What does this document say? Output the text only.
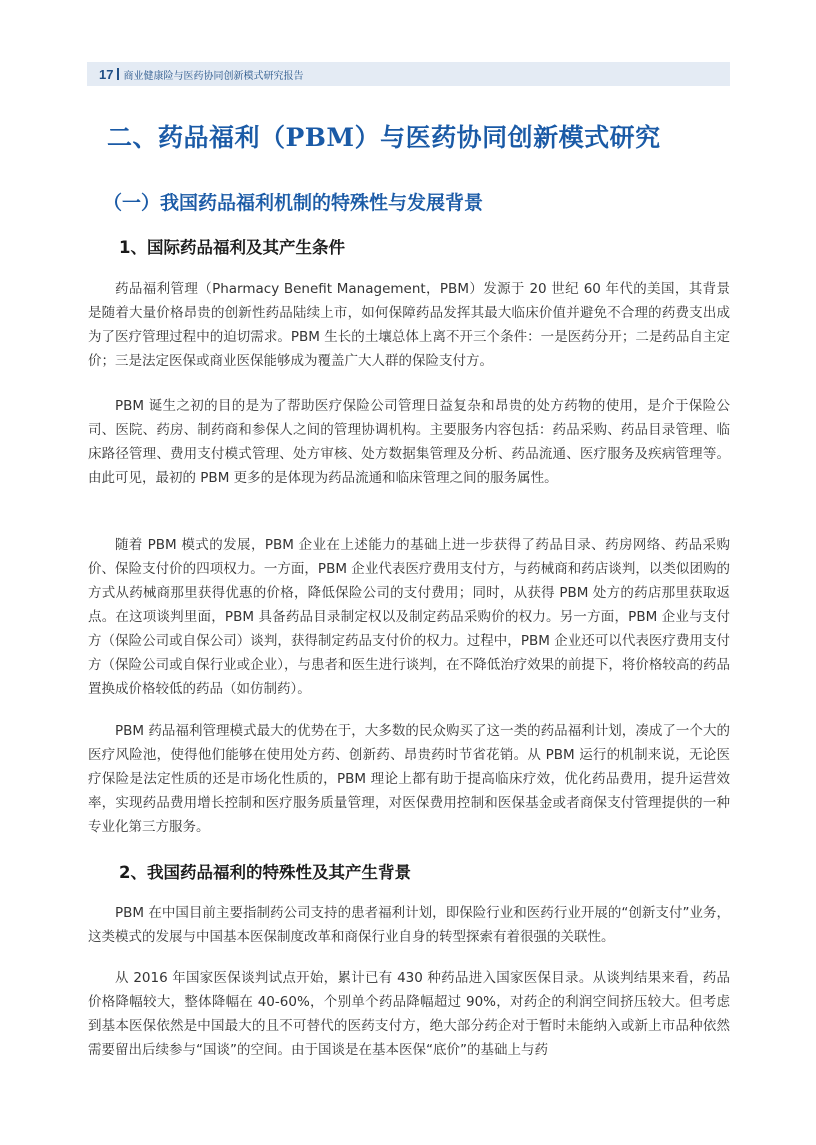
17 商业健康险与医药协同创新模式研究报告
二、药品福利（PBM）与医药协同创新模式研究
（一）我国药品福利机制的特殊性与发展背景
1、国际药品福利及其产生条件

药品福利管理（Pharmacy Benefit Management，PBM）发源于 20 世纪 60 年代的美国，其背景是随着大量价格昂贵的创新性药品陆续上市，如何保障药品发挥其最大临床价值并避免不合理的药费支出成为了医疗管理过程中的迫切需求。PBM 生长的土壤总体上离不开三个条件：一是医药分开；二是药品自主定价；三是法定医保或商业医保能够成为覆盖广大人群的保险支付方。

PBM 诞生之初的目的是为了帮助医疗保险公司管理日益复杂和昂贵的处方药物的使用，是介于保险公司、医院、药房、制药商和参保人之间的管理协调机构。主要服务内容包括：药品采购、药品目录管理、临床路径管理、费用支付模式管理、处方审核、处方数据集管理及分析、药品流通、医疗服务及疾病管理等。由此可见，最初的 PBM 更多的是体现为药品流通和临床管理之间的服务属性。

随着 PBM 模式的发展，PBM 企业在上述能力的基础上进一步获得了药品目录、药房网络、药品采购价、保险支付价的四项权力。一方面，PBM 企业代表医疗费用支付方，与药械商和药店谈判，以类似团购的方式从药械商那里获得优惠的价格，降低保险公司的支付费用；同时，从获得 PBM 处方的药店那里获取返点。在这项谈判里面，PBM 具备药品目录制定权以及制定药品采购价的权力。另一方面，PBM 企业与支付方（保险公司或自保公司）谈判，获得制定药品支付价的权力。过程中，PBM 企业还可以代表医疗费用支付方（保险公司或自保行业或企业），与患者和医生进行谈判，在不降低治疗效果的前提下，将价格较高的药品置换成价格较低的药品（如仿制药）。

PBM 药品福利管理模式最大的优势在于，大多数的民众购买了这一类的药品福利计划，凑成了一个大的医疗风险池，使得他们能够在使用处方药、创新药、昂贵药时节省花销。从 PBM 运行的机制来说，无论医疗保险是法定性质的还是市场化性质的，PBM 理论上都有助于提高临床疗效，优化药品费用，提升运营效率，实现药品费用增长控制和医疗服务质量管理，对医保费用控制和医保基金或者商保支付管理提供的一种专业化第三方服务。

2、我国药品福利的特殊性及其产生背景

PBM 在中国目前主要指制药公司支持的患者福利计划，即保险行业和医药行业开展的“创新支付”业务，这类模式的发展与中国基本医保制度改革和商保行业自身的转型探索有着很强的关联性。

从 2016 年国家医保谈判试点开始，累计已有 430 种药品进入国家医保目录。从谈判结果来看，药品价格降幅较大，整体降幅在 40-60%，个别单个药品降幅超过 90%，对药企的利润空间挤压较大。但考虑到基本医保依然是中国最大的且不可替代的医药支付方，绝大部分药企对于暂时未能纳入或新上市品种依然需要留出后续参与“国谈”的空间。由于国谈是在基本医保“底价”的基础上与药
